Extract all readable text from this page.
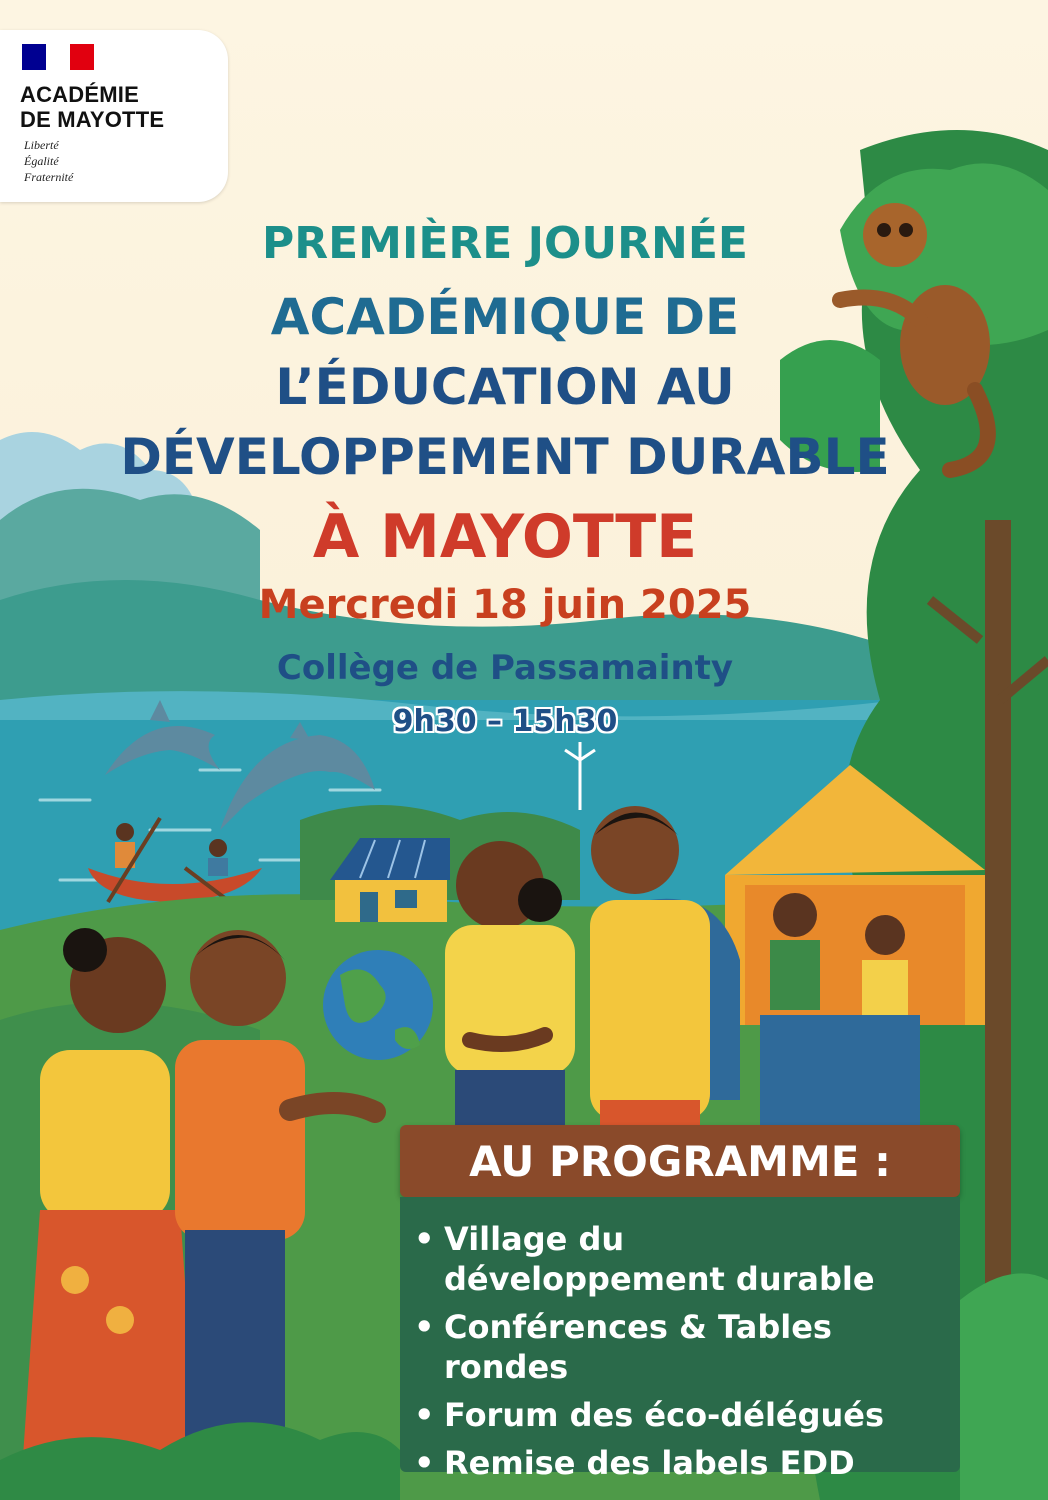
ACADÉMIE
DE MAYOTTE
Liberté
Égalité
Fraternité
PREMIÈRE JOURNÉE
ACADÉMIQUE DE
L’ÉDUCATION AU
DÉVELOPPEMENT DURABLE
À MAYOTTE
Mercredi 18 juin 2025
Collège de Passamainty
9h30 – 15h30
AU PROGRAMME :
• Village du développement durable
• Conférences & Tables rondes
• Forum des éco-délégués
• Remise des labels EDD
